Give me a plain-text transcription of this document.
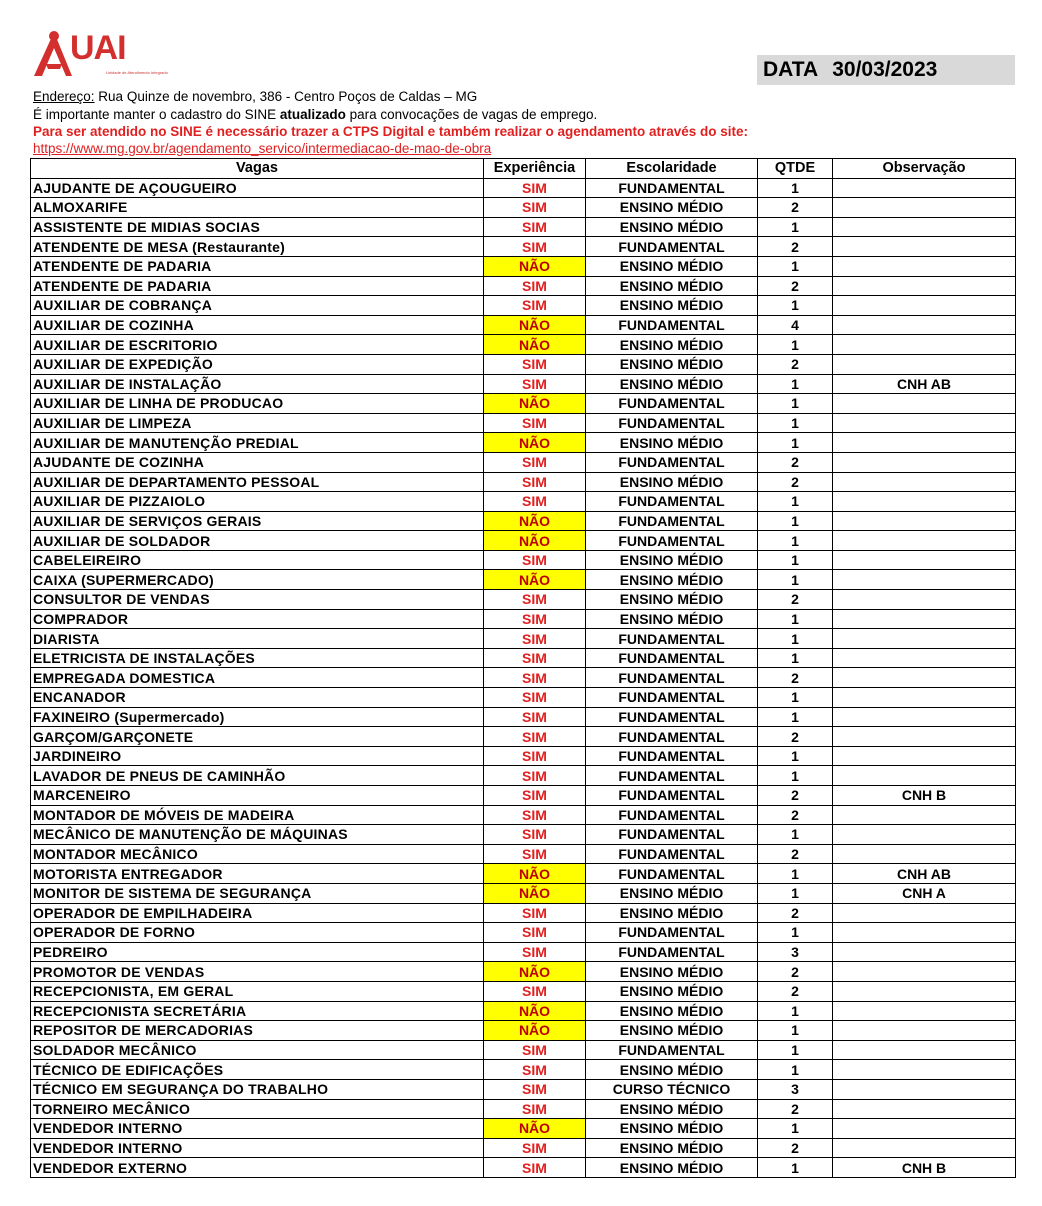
UAI
Unidade de Atendimento Integrado	DATA 30/03/2023
Endereço: Rua Quinze de novembro, 386 - Centro Poços de Caldas – MG
É importante manter o cadastro do SINE atualizado para convocações de vagas de emprego.
Para ser atendido no SINE é necessário trazer a CTPS Digital e também realizar o agendamento através do site:
https://www.mg.gov.br/agendamento_servico/intermediacao-de-mao-de-obra
Vagas	Experiência	Escolaridade	QTDE	Observação
AJUDANTE DE AÇOUGUEIRO	SIM	FUNDAMENTAL	1	
ALMOXARIFE	SIM	ENSINO MÉDIO	2	
ASSISTENTE DE MIDIAS SOCIAS	SIM	ENSINO MÉDIO	1	
ATENDENTE DE MESA (Restaurante)	SIM	FUNDAMENTAL	2	
ATENDENTE DE PADARIA	NÃO	ENSINO MÉDIO	1	
ATENDENTE DE PADARIA	SIM	ENSINO MÉDIO	2	
AUXILIAR DE COBRANÇA	SIM	ENSINO MÉDIO	1	
AUXILIAR DE COZINHA	NÃO	FUNDAMENTAL	4	
AUXILIAR DE ESCRITORIO	NÃO	ENSINO MÉDIO	1	
AUXILIAR DE EXPEDIÇÃO	SIM	ENSINO MÉDIO	2	
AUXILIAR DE INSTALAÇÃO	SIM	ENSINO MÉDIO	1	CNH AB
AUXILIAR DE LINHA DE PRODUCAO	NÃO	FUNDAMENTAL	1	
AUXILIAR DE LIMPEZA	SIM	FUNDAMENTAL	1	
AUXILIAR DE MANUTENÇÃO PREDIAL	NÃO	ENSINO MÉDIO	1	
AJUDANTE DE COZINHA	SIM	FUNDAMENTAL	2	
AUXILIAR DE DEPARTAMENTO PESSOAL	SIM	ENSINO MÉDIO	2	
AUXILIAR DE PIZZAIOLO	SIM	FUNDAMENTAL	1	
AUXILIAR DE SERVIÇOS GERAIS	NÃO	FUNDAMENTAL	1	
AUXILIAR DE SOLDADOR	NÃO	FUNDAMENTAL	1	
CABELEIREIRO	SIM	ENSINO MÉDIO	1	
CAIXA (SUPERMERCADO)	NÃO	ENSINO MÉDIO	1	
CONSULTOR DE VENDAS	SIM	ENSINO MÉDIO	2	
COMPRADOR	SIM	ENSINO MÉDIO	1	
DIARISTA	SIM	FUNDAMENTAL	1	
ELETRICISTA DE INSTALAÇÕES	SIM	FUNDAMENTAL	1	
EMPREGADA DOMESTICA	SIM	FUNDAMENTAL	2	
ENCANADOR	SIM	FUNDAMENTAL	1	
FAXINEIRO (Supermercado)	SIM	FUNDAMENTAL	1	
GARÇOM/GARÇONETE	SIM	FUNDAMENTAL	2	
JARDINEIRO	SIM	FUNDAMENTAL	1	
LAVADOR DE PNEUS DE CAMINHÃO	SIM	FUNDAMENTAL	1	
MARCENEIRO	SIM	FUNDAMENTAL	2	CNH B
MONTADOR DE MÓVEIS DE MADEIRA	SIM	FUNDAMENTAL	2	
MECÂNICO DE MANUTENÇÃO DE MÁQUINAS	SIM	FUNDAMENTAL	1	
MONTADOR MECÂNICO	SIM	FUNDAMENTAL	2	
MOTORISTA ENTREGADOR	NÃO	FUNDAMENTAL	1	CNH AB
MONITOR DE SISTEMA DE SEGURANÇA	NÃO	ENSINO MÉDIO	1	CNH A
OPERADOR DE EMPILHADEIRA	SIM	ENSINO MÉDIO	2	
OPERADOR DE FORNO	SIM	FUNDAMENTAL	1	
PEDREIRO	SIM	FUNDAMENTAL	3	
PROMOTOR DE VENDAS	NÃO	ENSINO MÉDIO	2	
RECEPCIONISTA, EM GERAL	SIM	ENSINO MÉDIO	2	
RECEPCIONISTA SECRETÁRIA	NÃO	ENSINO MÉDIO	1	
REPOSITOR DE MERCADORIAS	NÃO	ENSINO MÉDIO	1	
SOLDADOR MECÂNICO	SIM	FUNDAMENTAL	1	
TÉCNICO DE EDIFICAÇÕES	SIM	ENSINO MÉDIO	1	
TÉCNICO EM SEGURANÇA DO TRABALHO	SIM	CURSO TÉCNICO	3	
TORNEIRO MECÂNICO	SIM	ENSINO MÉDIO	2	
VENDEDOR INTERNO	NÃO	ENSINO MÉDIO	1	
VENDEDOR INTERNO	SIM	ENSINO MÉDIO	2	
VENDEDOR EXTERNO	SIM	ENSINO MÉDIO	1	CNH B
